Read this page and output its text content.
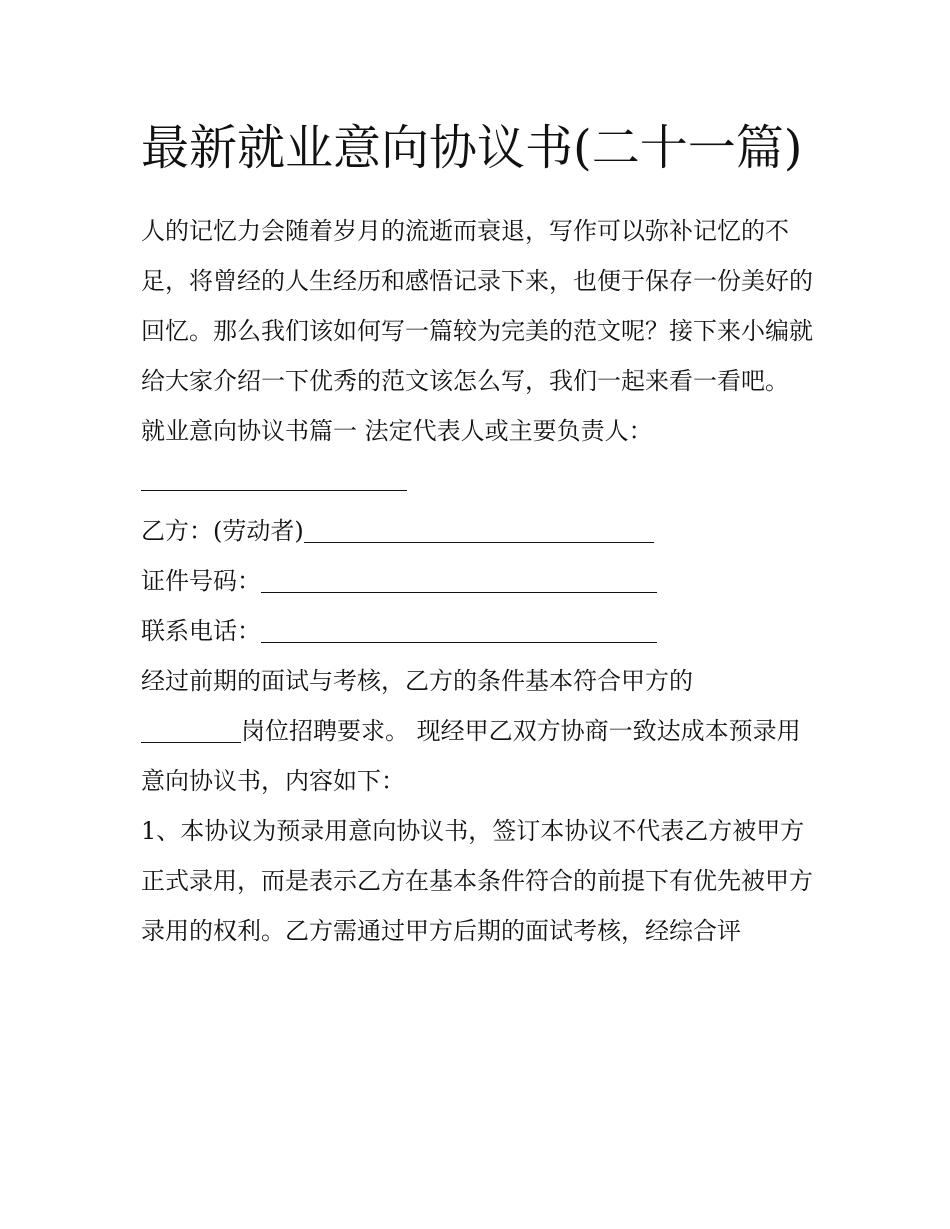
最新就业意向协议书(二十一篇)

人的记忆力会随着岁月的流逝而衰退，写作可以弥补记忆的不足，将曾经的人生经历和感悟记录下来，也便于保存一份美好的回忆。那么我们该如何写一篇较为完美的范文呢？接下来小编就给大家介绍一下优秀的范文该怎么写，我们一起来看一看吧。

就业意向协议书篇一 法定代表人或主要负责人：
乙方：(劳动者)
证件号码：
联系电话：

经过前期的面试与考核，乙方的条件基本符合甲方的
岗位招聘要求。 现经甲乙双方协商一致达成本预录用意向协议书，内容如下：

1、本协议为预录用意向协议书，签订本协议不代表乙方被甲方正式录用，而是表示乙方在基本条件符合的前提下有优先被甲方录用的权利。乙方需通过甲方后期的面试考核，经综合评
